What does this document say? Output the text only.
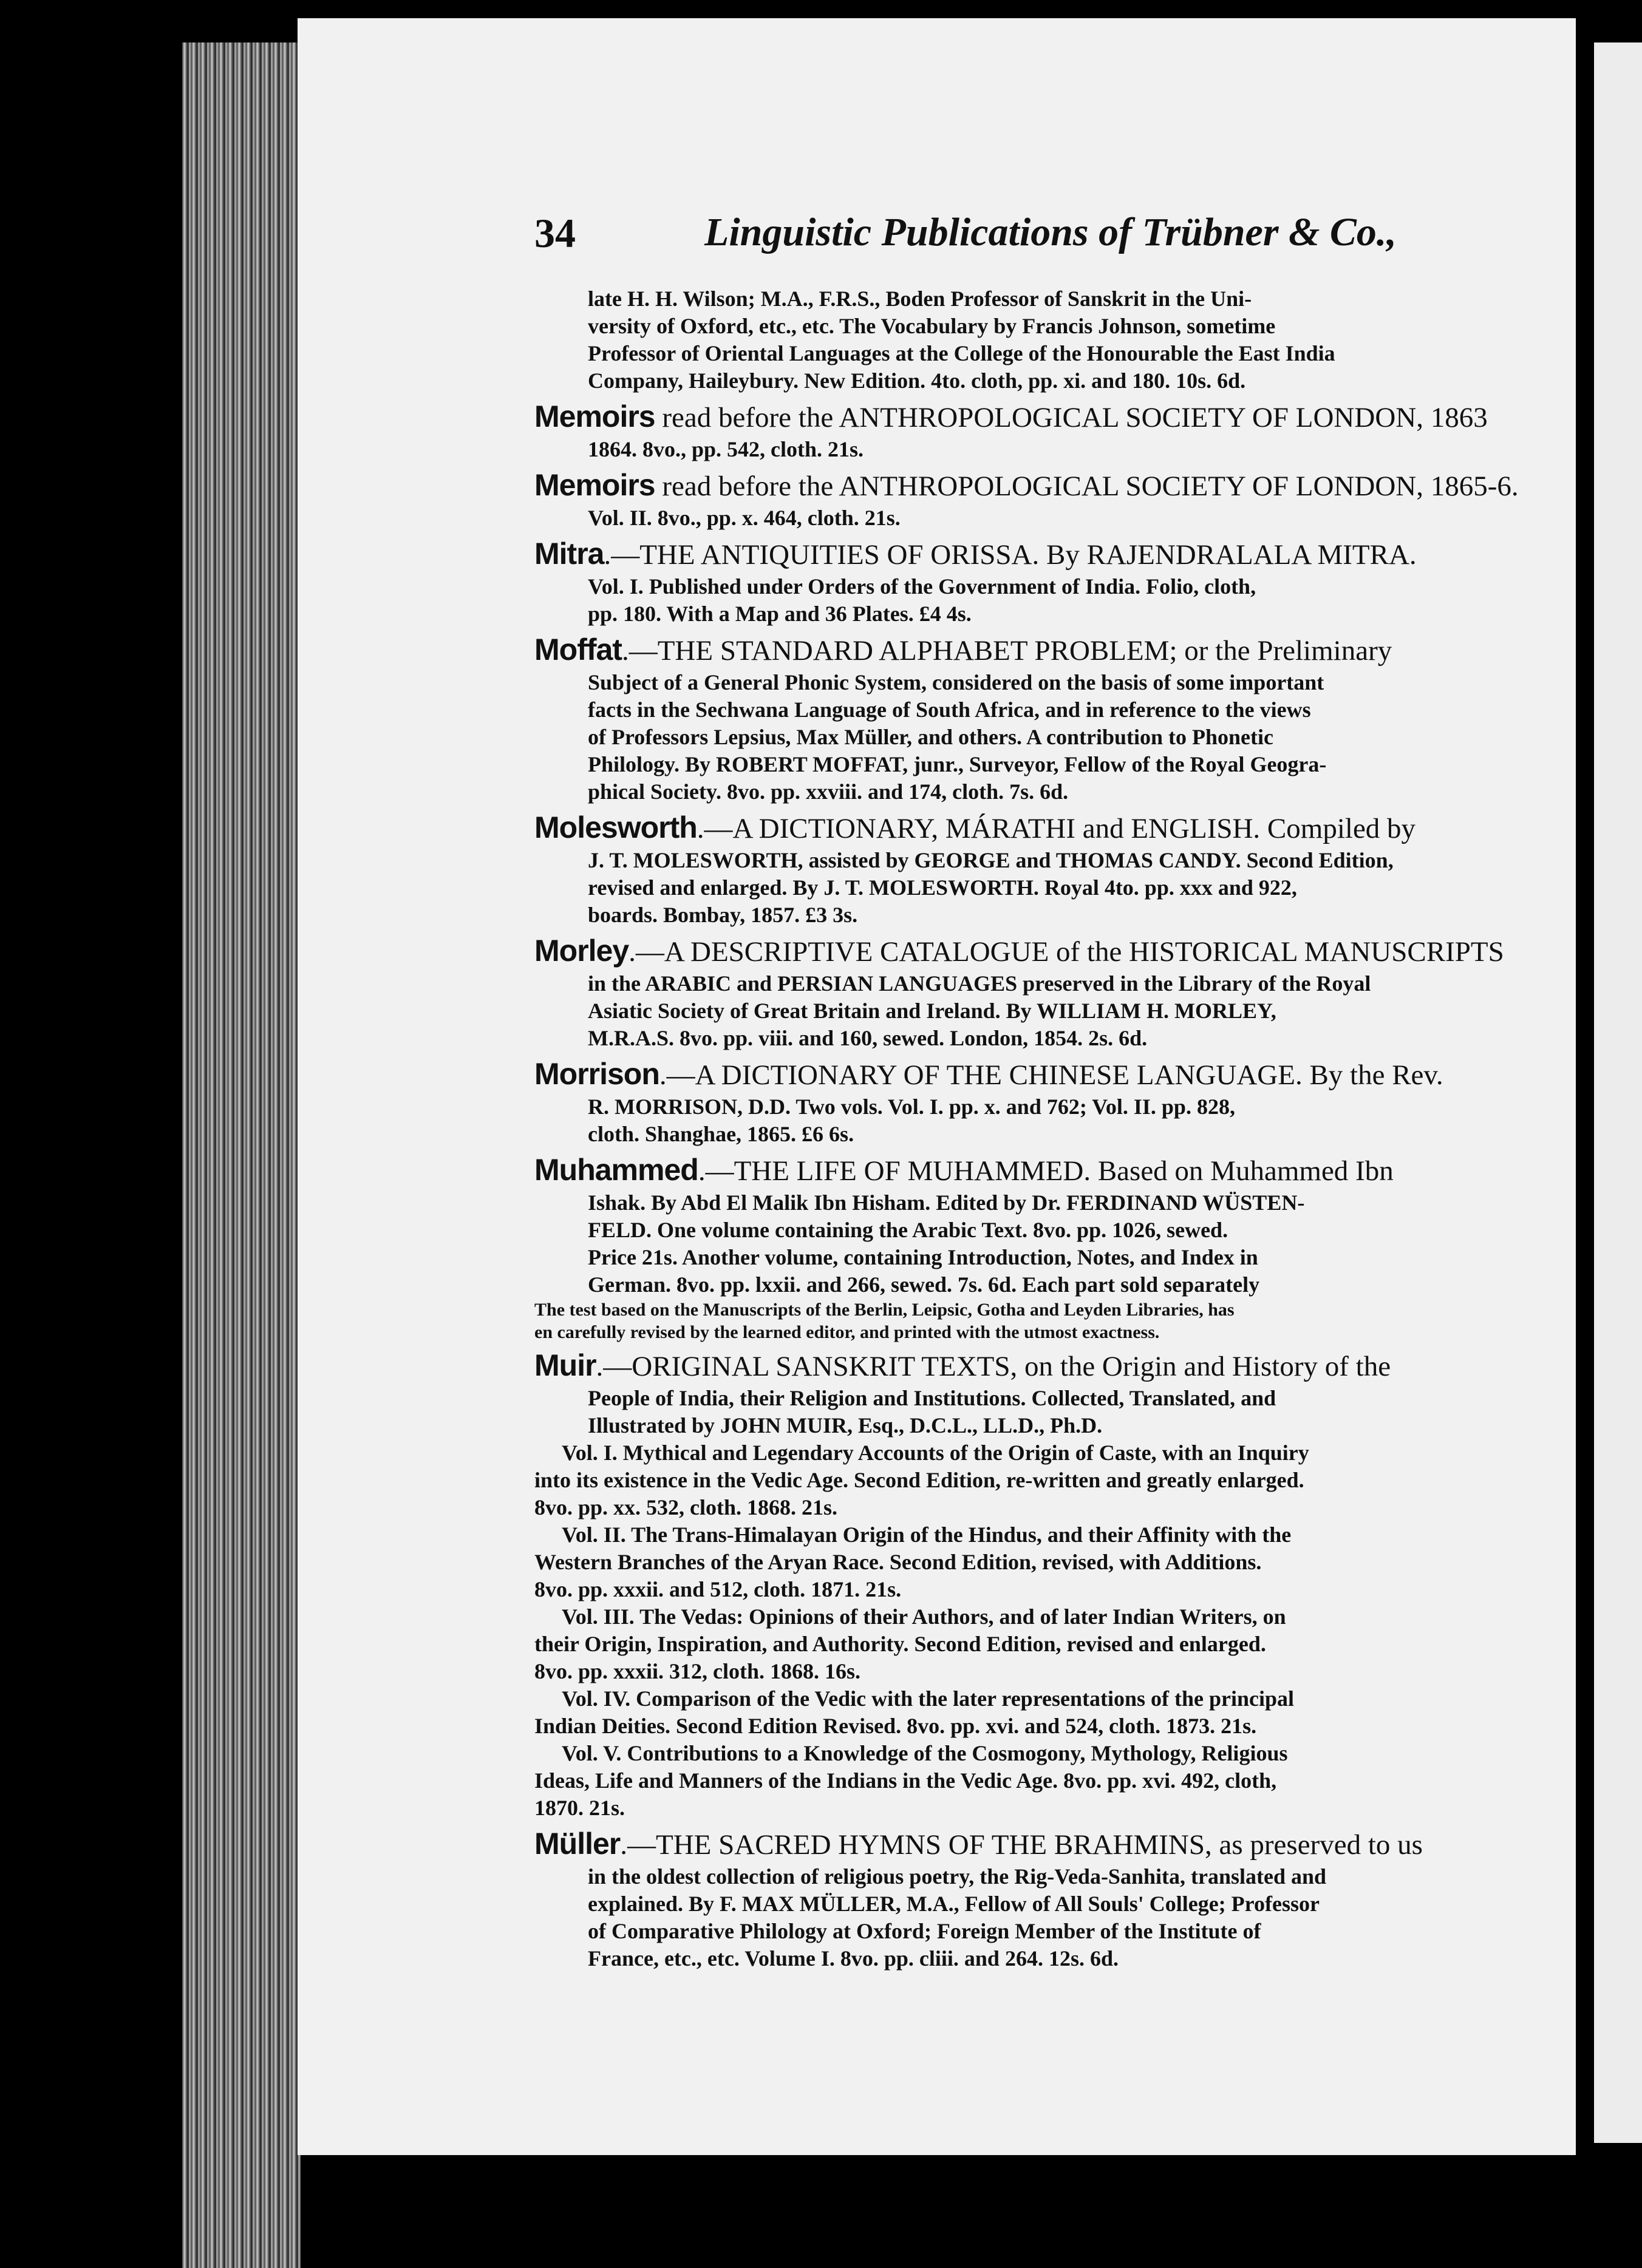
34	Linguistic Publications of Trübner & Co.,
late H. H. Wilson; M.A., F.R.S., Boden Professor of Sanskrit in the Uni-
versity of Oxford, etc., etc. The Vocabulary by Francis Johnson, sometime
Professor of Oriental Languages at the College of the Honourable the East India
Company, Haileybury. New Edition. 4to. cloth, pp. xi. and 180. 10s. 6d.
Memoirs read before the ANTHROPOLOGICAL SOCIETY OF LONDON, 1863
1864. 8vo., pp. 542, cloth. 21s.
Memoirs read before the ANTHROPOLOGICAL SOCIETY OF LONDON, 1865-6.
Vol. II. 8vo., pp. x. 464, cloth. 21s.
Mitra.—THE ANTIQUITIES OF ORISSA. By RAJENDRALALA MITRA.
Vol. I. Published under Orders of the Government of India. Folio, cloth,
pp. 180. With a Map and 36 Plates. £4 4s.
Moffat.—THE STANDARD ALPHABET PROBLEM; or the Preliminary
Subject of a General Phonic System, considered on the basis of some important
facts in the Sechwana Language of South Africa, and in reference to the views
of Professors Lepsius, Max Müller, and others. A contribution to Phonetic
Philology. By ROBERT MOFFAT, junr., Surveyor, Fellow of the Royal Geogra-
phical Society. 8vo. pp. xxviii. and 174, cloth. 7s. 6d.
Molesworth.—A DICTIONARY, MÁRATHI and ENGLISH. Compiled by
J. T. MOLESWORTH, assisted by GEORGE and THOMAS CANDY. Second Edition,
revised and enlarged. By J. T. MOLESWORTH. Royal 4to. pp. xxx and 922,
boards. Bombay, 1857. £3 3s.
Morley.—A DESCRIPTIVE CATALOGUE of the HISTORICAL MANUSCRIPTS
in the ARABIC and PERSIAN LANGUAGES preserved in the Library of the Royal
Asiatic Society of Great Britain and Ireland. By WILLIAM H. MORLEY,
M.R.A.S. 8vo. pp. viii. and 160, sewed. London, 1854. 2s. 6d.
Morrison.—A DICTIONARY OF THE CHINESE LANGUAGE. By the Rev.
R. MORRISON, D.D. Two vols. Vol. I. pp. x. and 762; Vol. II. pp. 828,
cloth. Shanghae, 1865. £6 6s.
Muhammed.—THE LIFE OF MUHAMMED. Based on Muhammed Ibn
Ishak. By Abd El Malik Ibn Hisham. Edited by Dr. FERDINAND WÜSTEN-
FELD. One volume containing the Arabic Text. 8vo. pp. 1026, sewed.
Price 21s. Another volume, containing Introduction, Notes, and Index in
German. 8vo. pp. lxxii. and 266, sewed. 7s. 6d. Each part sold separately
The test based on the Manuscripts of the Berlin, Leipsic, Gotha and Leyden Libraries, has
en carefully revised by the learned editor, and printed with the utmost exactness.
Muir.—ORIGINAL SANSKRIT TEXTS, on the Origin and History of the
People of India, their Religion and Institutions. Collected, Translated, and
Illustrated by JOHN MUIR, Esq., D.C.L., LL.D., Ph.D.
Vol. I. Mythical and Legendary Accounts of the Origin of Caste, with an Inquiry
into its existence in the Vedic Age. Second Edition, re-written and greatly enlarged.
8vo. pp. xx. 532, cloth. 1868. 21s.
Vol. II. The Trans-Himalayan Origin of the Hindus, and their Affinity with the
Western Branches of the Aryan Race. Second Edition, revised, with Additions.
8vo. pp. xxxii. and 512, cloth. 1871. 21s.
Vol. III. The Vedas: Opinions of their Authors, and of later Indian Writers, on
their Origin, Inspiration, and Authority. Second Edition, revised and enlarged.
8vo. pp. xxxii. 312, cloth. 1868. 16s.
Vol. IV. Comparison of the Vedic with the later representations of the principal
Indian Deities. Second Edition Revised. 8vo. pp. xvi. and 524, cloth. 1873. 21s.
Vol. V. Contributions to a Knowledge of the Cosmogony, Mythology, Religious
Ideas, Life and Manners of the Indians in the Vedic Age. 8vo. pp. xvi. 492, cloth,
1870. 21s.
Müller.—THE SACRED HYMNS OF THE BRAHMINS, as preserved to us
in the oldest collection of religious poetry, the Rig-Veda-Sanhita, translated and
explained. By F. MAX MÜLLER, M.A., Fellow of All Souls' College; Professor
of Comparative Philology at Oxford; Foreign Member of the Institute of
France, etc., etc. Volume I. 8vo. pp. cliii. and 264. 12s. 6d.
